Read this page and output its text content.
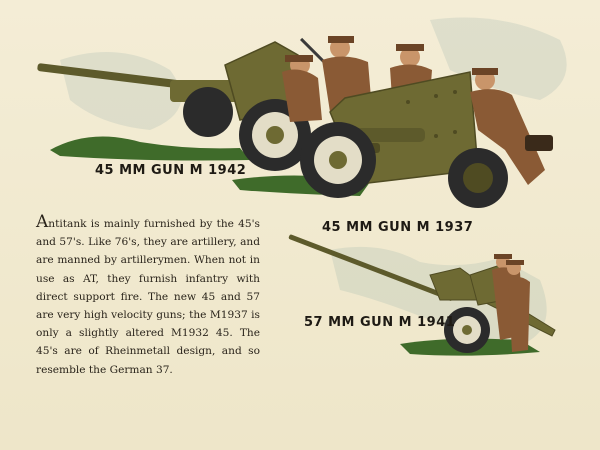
45 MM GUN M 1942
45 MM GUN M 1937
57 MM GUN M 1941
Antitank is mainly furnished by the 45's and 57's. Like 76's, they are artillery, and are manned by artillerymen. When not in use as AT, they furnish infantry with direct support fire. The new 45 and 57 are very high velocity guns; the M1937 is only a slightly altered M1932 45. The 45's are of Rheinmetall design, and so resemble the German 37.
